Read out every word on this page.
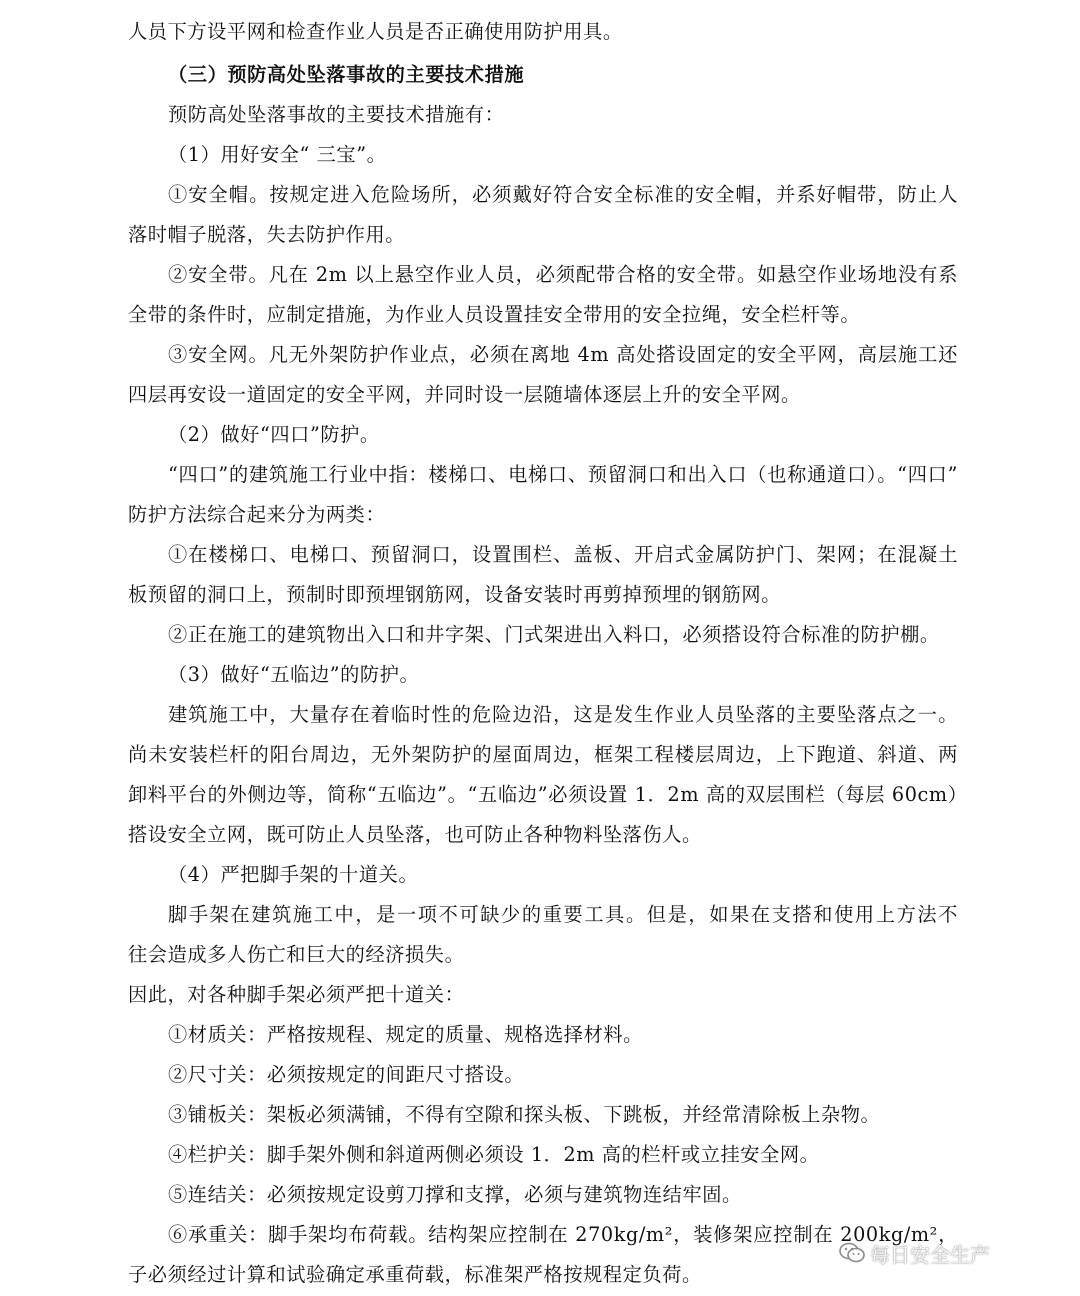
人员下方设平网和检查作业人员是否正确使用防护用具。
（三）预防高处坠落事故的主要技术措施
预防高处坠落事故的主要技术措施有：
（1）用好安全“ 三宝”。
①安全帽。按规定进入危险场所，必须戴好符合安全标准的安全帽，并系好帽带，防止人
落时帽子脱落，失去防护作用。
②安全带。凡在 2m 以上悬空作业人员，必须配带合格的安全带。如悬空作业场地没有系
全带的条件时，应制定措施，为作业人员设置挂安全带用的安全拉绳，安全栏杆等。
③安全网。凡无外架防护作业点，必须在离地 4m 高处搭设固定的安全平网，高层施工还
四层再安设一道固定的安全平网，并同时设一层随墙体逐层上升的安全平网。
（2）做好“四口”防护。
“四口”的建筑施工行业中指：楼梯口、电梯口、预留洞口和出入口（也称通道口）。“四口”
防护方法综合起来分为两类：
①在楼梯口、电梯口、预留洞口，设置围栏、盖板、开启式金属防护门、架网；在混凝土
板预留的洞口上，预制时即预埋钢筋网，设备安装时再剪掉预埋的钢筋网。
②正在施工的建筑物出入口和井字架、门式架进出入料口，必须搭设符合标准的防护棚。
（3）做好“五临边”的防护。
建筑施工中，大量存在着临时性的危险边沿，这是发生作业人员坠落的主要坠落点之一。
尚未安装栏杆的阳台周边，无外架防护的屋面周边，框架工程楼层周边，上下跑道、斜道、两
卸料平台的外侧边等，简称“五临边”。“五临边”必须设置 1．2m 高的双层围栏（每层 60cm）
搭设安全立网，既可防止人员坠落，也可防止各种物料坠落伤人。
（4）严把脚手架的十道关。
脚手架在建筑施工中，是一项不可缺少的重要工具。但是，如果在支搭和使用上方法不
往会造成多人伤亡和巨大的经济损失。
因此，对各种脚手架必须严把十道关：
①材质关：严格按规程、规定的质量、规格选择材料。
②尺寸关：必须按规定的间距尺寸搭设。
③铺板关：架板必须满铺，不得有空隙和探头板、下跳板，并经常清除板上杂物。
④栏护关：脚手架外侧和斜道两侧必须设 1．2m 高的栏杆或立挂安全网。
⑤连结关：必须按规定设剪刀撑和支撑，必须与建筑物连结牢固。
⑥承重关：脚手架均布荷载。结构架应控制在 270kg/m²，装修架应控制在 200kg/m²，
子必须经过计算和试验确定承重荷载，标准架严格按规程定负荷。
每日安全生产
